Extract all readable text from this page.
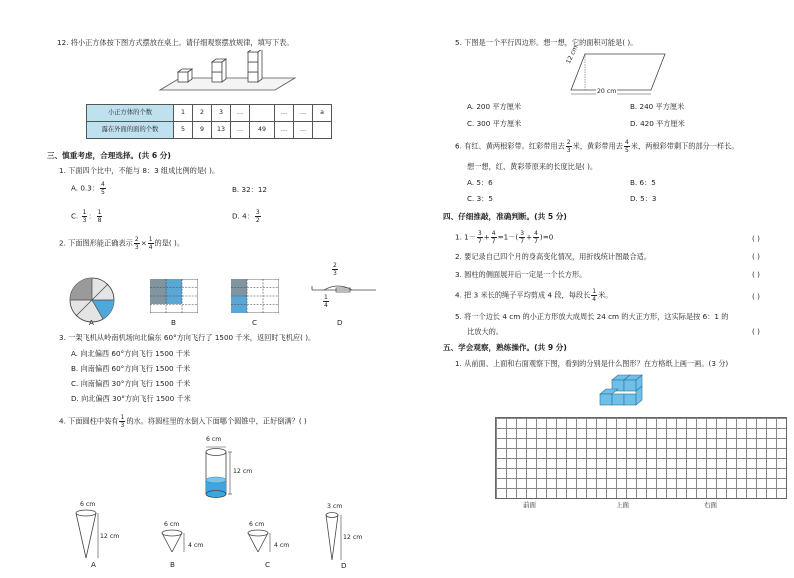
12. 将小正方体按下图方式摆放在桌上。请仔细观察摆放规律，填写下表。
小正方体的个数	1	2	3	…		…	…	a
露在外面的面的个数	5	9	13	…	49	…	…	
三、慎重考虑，合理选择。(共 6 分)
1. 下面四个比中，不能与 8：3 组成比例的是( )。
A. 0.3： $\frac{4}{5}$	B. 32：12
C. $\frac{1}{3}$ ： $\frac{1}{8}$	D. 4： $\frac{3}{2}$
2. 下面图形能正确表示 $\frac{2}{3} \times \frac{1}{4}$ 的是( )。
A	B	C
$\frac{2}{3}$
$\frac{1}{4}$
D
3. 一架飞机从岭南机场向北偏东 60°方向飞行了 1500 千米，返回时飞机应( )。
A. 向北偏西 60°方向飞行 1500 千米
B. 向南偏西 60°方向飞行 1500 千米
C. 向南偏西 30°方向飞行 1500 千米
D. 向北偏西 30°方向飞行 1500 千米
4. 下面圆柱中装有 $\frac{1}{3}$ 的水。将圆柱里的水倒入下面哪个圆锥中，正好倒满？( )
6 cm
12 cm
6 cm
12 cm
A
6 cm
4 cm
B
6 cm
4 cm
C
3 cm
12 cm
D
5. 下图是一个平行四边形。想一想，它的面积可能是( )。
12 cm
20 cm
A. 200 平方厘米	B. 240 平方厘米
C. 300 平方厘米	D. 420 平方厘米
6. 有红、黄两根彩带。红彩带用去 $\frac{2}{3}$ 米，黄彩带用去 $\frac{4}{5}$ 米，两根彩带剩下的部分一样长。
想一想，红、黄彩带原来的长度比是( )。
A. 5：6	B. 6：5
C. 3：5	D. 5：3
四、仔细推敲，准确判断。(共 5 分)
1. $1- \frac{3}{7} + \frac{4}{7} =1-( \frac{3}{7} + \frac{4}{7} )=0$	( )
2. 要记录自己四个月的身高变化情况，用折线统计图最合适。	( )
3. 圆柱的侧面展开后一定是一个长方形。	( )
4. 把 3 米长的绳子平均剪成 4 段，每段长 $\frac{1}{4}$ 米。	( )
5. 将一个边长 4 cm 的小正方形放大成周长 24 cm 的大正方形，这实际是按 6：1 的
比放大的。	( )
五、学会观察，熟练操作。(共 9 分)
1. 从前面、上面和右面观察下图，看到的分别是什么图形？在方格纸上画一画。(3 分)
前面	上面	右面
